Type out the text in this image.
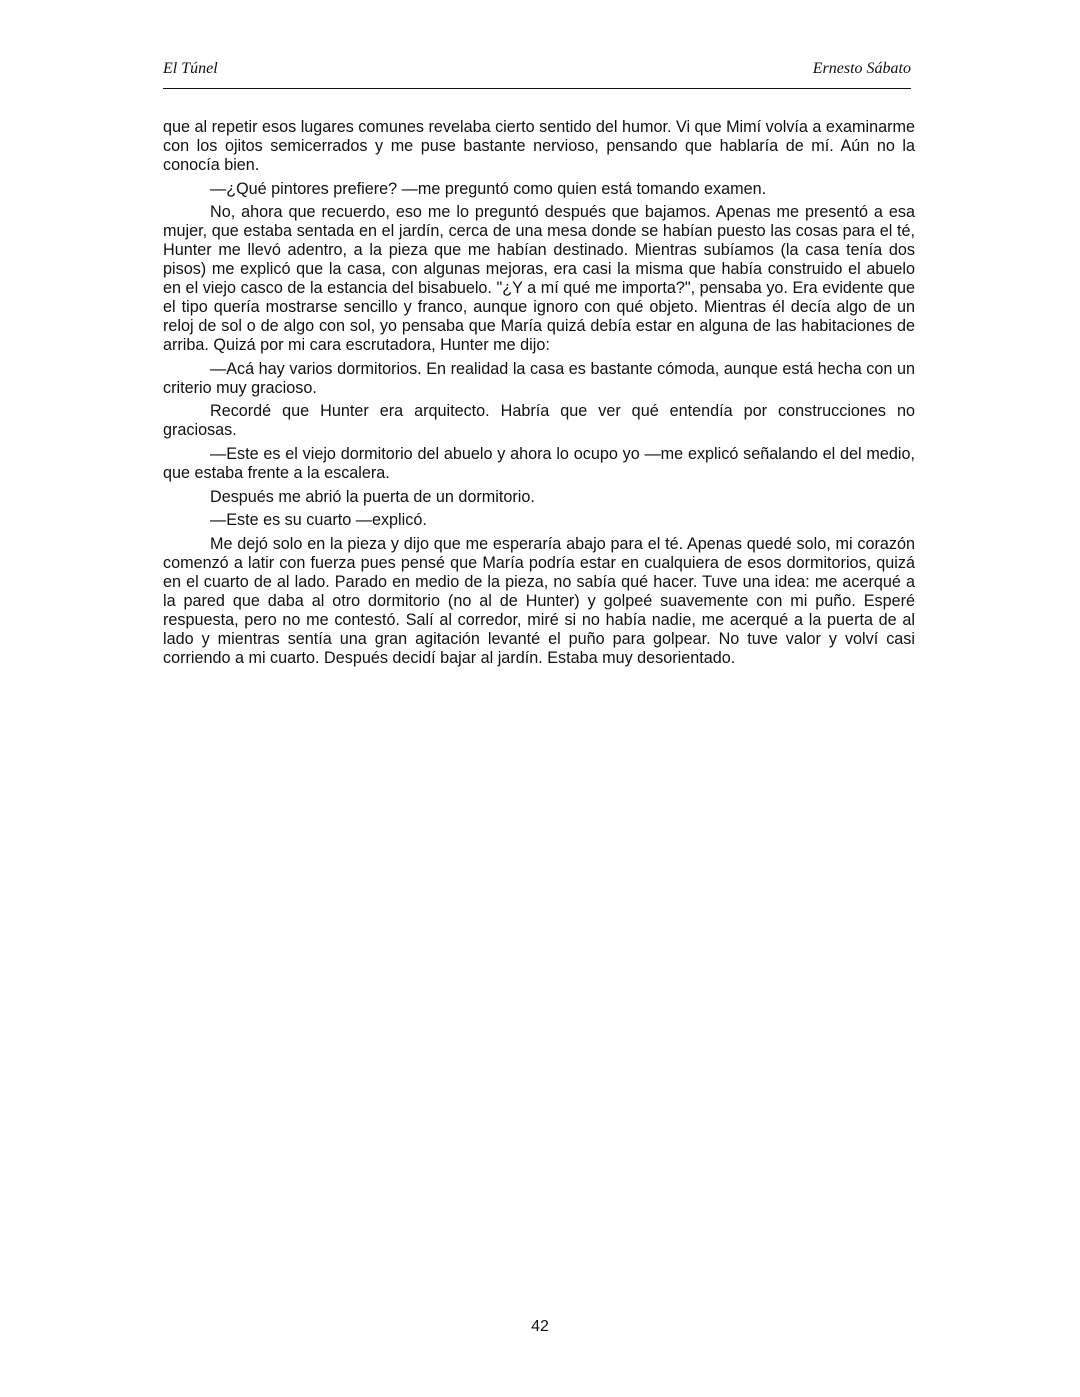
El Túnel	Ernesto Sábato

que al repetir esos lugares comunes revelaba cierto sentido del humor. Vi que Mimí volvía a examinarme con los ojitos semicerrados y me puse bastante nervioso, pensando que hablaría de mí. Aún no la conocía bien.

—¿Qué pintores prefiere? —me preguntó como quien está tomando examen.

No, ahora que recuerdo, eso me lo preguntó después que bajamos. Apenas me presentó a esa mujer, que estaba sentada en el jardín, cerca de una mesa donde se habían puesto las cosas para el té, Hunter me llevó adentro, a la pieza que me habían destinado. Mientras subíamos (la casa tenía dos pisos) me explicó que la casa, con algunas mejoras, era casi la misma que había construido el abuelo en el viejo casco de la estancia del bisabuelo. "¿Y a mí qué me importa?", pensaba yo. Era evidente que el tipo quería mostrarse sencillo y franco, aunque ignoro con qué objeto. Mientras él decía algo de un reloj de sol o de algo con sol, yo pensaba que María quizá debía estar en alguna de las habitaciones de arriba. Quizá por mi cara escrutadora, Hunter me dijo:

—Acá hay varios dormitorios. En realidad la casa es bastante cómoda, aunque está hecha con un criterio muy gracioso.

Recordé que Hunter era arquitecto. Habría que ver qué entendía por construcciones no graciosas.

—Este es el viejo dormitorio del abuelo y ahora lo ocupo yo —me explicó señalando el del medio, que estaba frente a la escalera.

Después me abrió la puerta de un dormitorio.

—Este es su cuarto —explicó.

Me dejó solo en la pieza y dijo que me esperaría abajo para el té. Apenas quedé solo, mi corazón comenzó a latir con fuerza pues pensé que María podría estar en cualquiera de esos dormitorios, quizá en el cuarto de al lado. Parado en medio de la pieza, no sabía qué hacer. Tuve una idea: me acerqué a la pared que daba al otro dormitorio (no al de Hunter) y golpeé suavemente con mi puño. Esperé respuesta, pero no me contestó. Salí al corredor, miré si no había nadie, me acerqué a la puerta de al lado y mientras sentía una gran agitación levanté el puño para golpear. No tuve valor y volví casi corriendo a mi cuarto. Después decidí bajar al jardín. Estaba muy desorientado.

42
